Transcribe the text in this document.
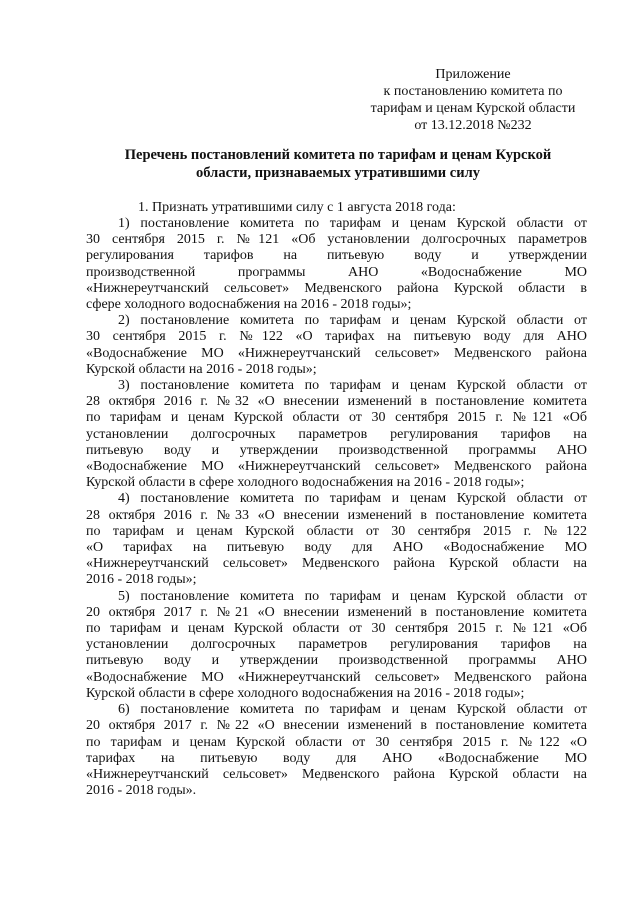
Приложение
к постановлению комитета по
тарифам и ценам Курской области
от 13.12.2018 №232
Перечень постановлений комитета по тарифам и ценам Курской
области, признаваемых утратившими силу
1. Признать утратившими силу с 1 августа 2018 года:
1) постановление комитета по тарифам и ценам Курской области от
30 сентября 2015 г. №121 «Об установлении долгосрочных параметров
регулирования тарифов на питьевую воду и утверждении
производственной программы АНО «Водоснабжение МО
«Нижнереутчанский сельсовет» Медвенского района Курской области в
сфере холодного водоснабжения на 2016 - 2018 годы»;
2) постановление комитета по тарифам и ценам Курской области от
30 сентября 2015 г. №122 «О тарифах на питьевую воду для АНО
«Водоснабжение МО «Нижнереутчанский сельсовет» Медвенского района
Курской области на 2016 - 2018 годы»;
3) постановление комитета по тарифам и ценам Курской области от
28 октября 2016 г. №32 «О внесении изменений в постановление комитета
по тарифам и ценам Курской области от 30 сентября 2015 г. №121 «Об
установлении долгосрочных параметров регулирования тарифов на
питьевую воду и утверждении производственной программы АНО
«Водоснабжение МО «Нижнереутчанский сельсовет» Медвенского района
Курской области в сфере холодного водоснабжения на 2016 - 2018 годы»;
4) постановление комитета по тарифам и ценам Курской области от
28 октября 2016 г. №33 «О внесении изменений в постановление комитета
по тарифам и ценам Курской области от 30 сентября 2015 г. №122
«О тарифах на питьевую воду для АНО «Водоснабжение МО
«Нижнереутчанский сельсовет» Медвенского района Курской области на
2016 - 2018 годы»;
5) постановление комитета по тарифам и ценам Курской области от
20 октября 2017 г. №21 «О внесении изменений в постановление комитета
по тарифам и ценам Курской области от 30 сентября 2015 г. №121 «Об
установлении долгосрочных параметров регулирования тарифов на
питьевую воду и утверждении производственной программы АНО
«Водоснабжение МО «Нижнереутчанский сельсовет» Медвенского района
Курской области в сфере холодного водоснабжения на 2016 - 2018 годы»;
6) постановление комитета по тарифам и ценам Курской области от
20 октября 2017 г. №22 «О внесении изменений в постановление комитета
по тарифам и ценам Курской области от 30 сентября 2015 г. №122 «О
тарифах на питьевую воду для АНО «Водоснабжение МО
«Нижнереутчанский сельсовет» Медвенского района Курской области на
2016 - 2018 годы».
